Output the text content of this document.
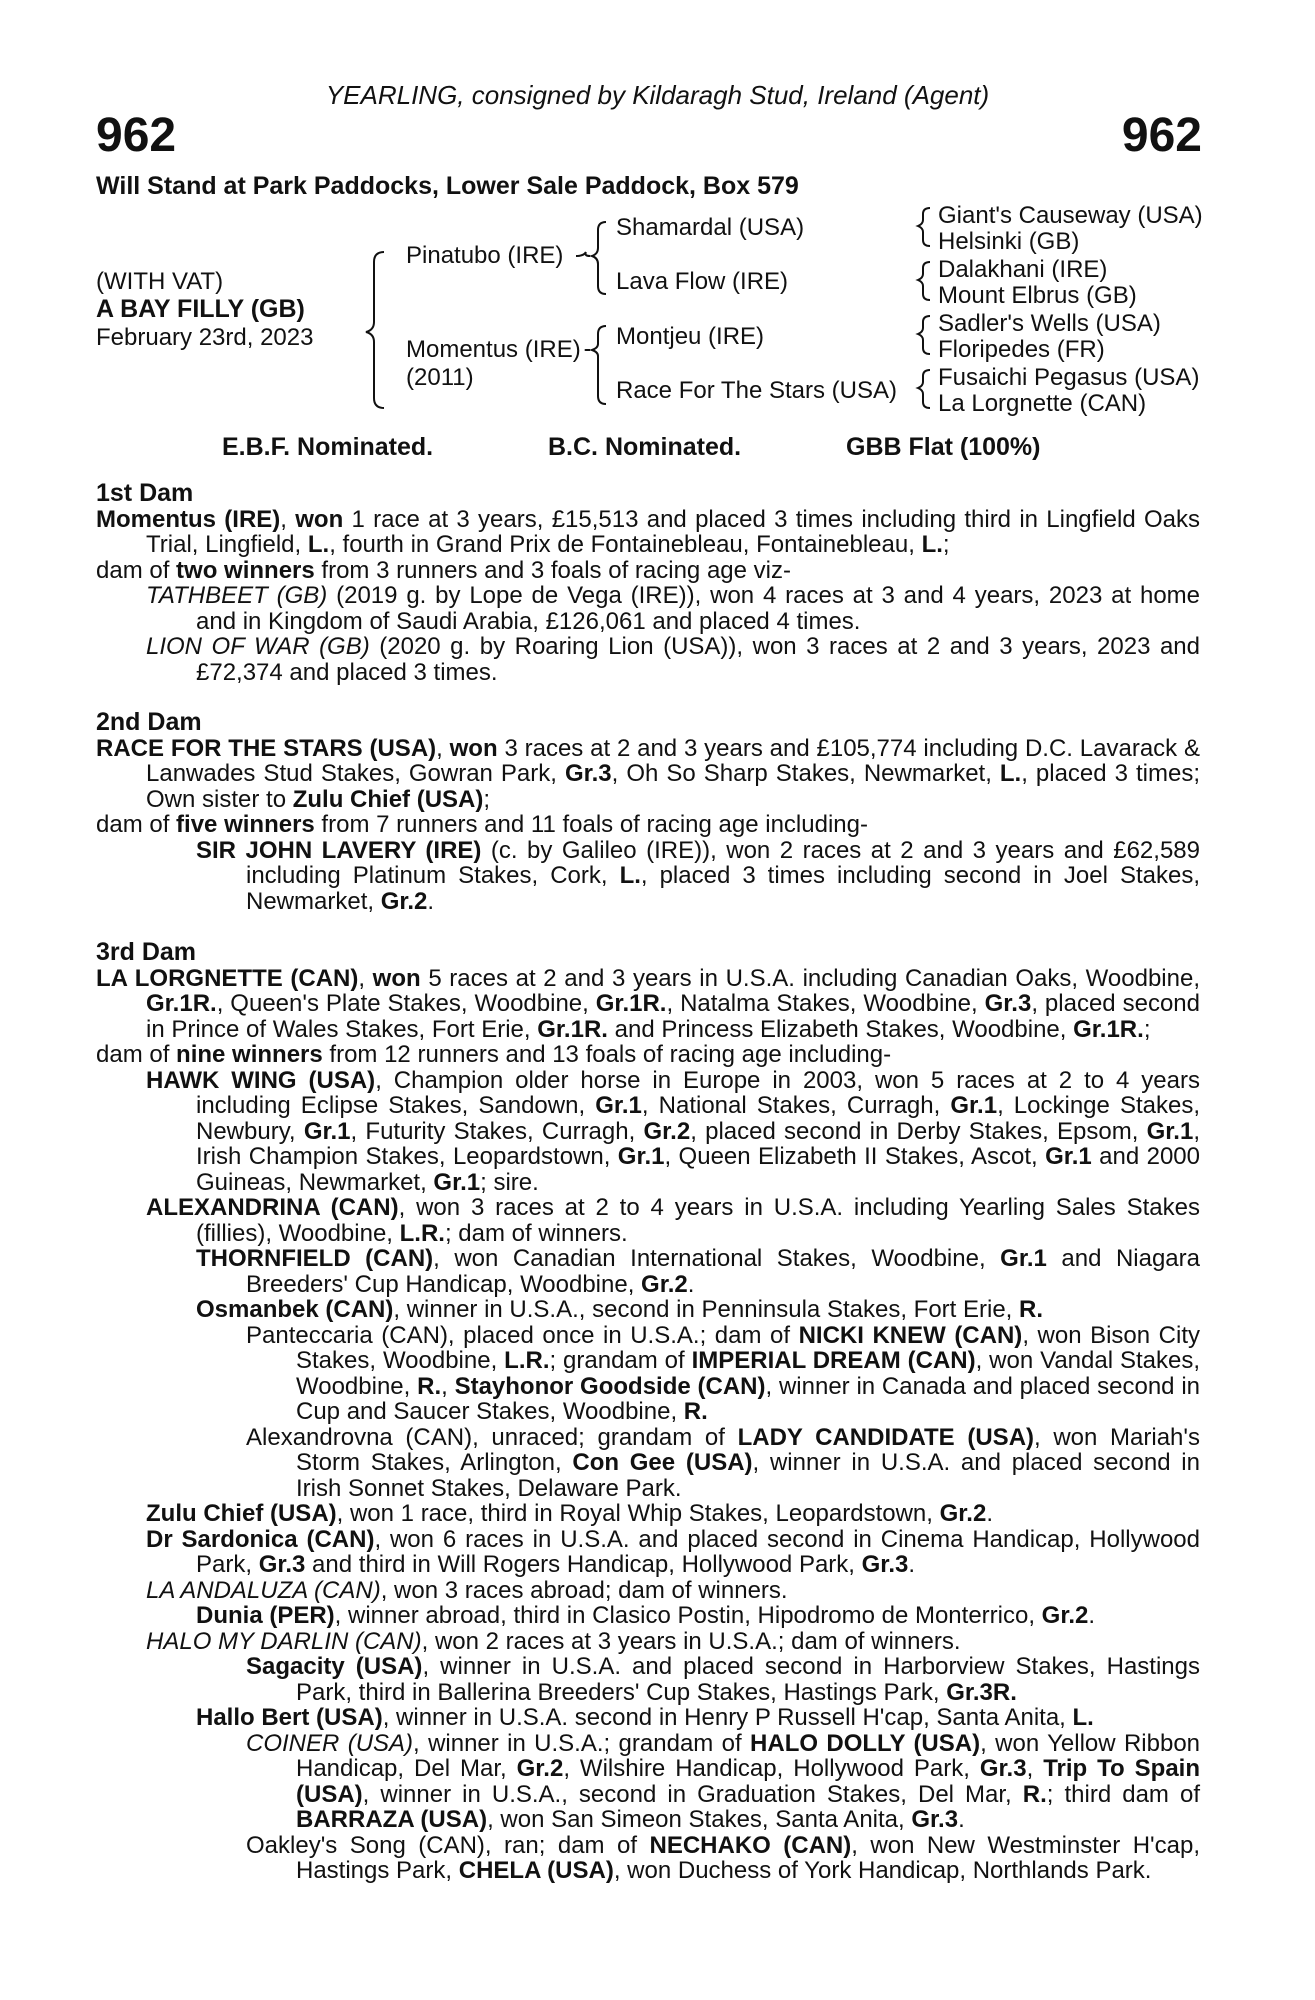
YEARLING, consigned by Kildaragh Stud, Ireland (Agent)
962	962
Will Stand at Park Paddocks, Lower Sale Paddock, Box 579
(WITH VAT)
A BAY FILLY (GB)
February 23rd, 2023
Pinatubo (IRE)
Momentus (IRE)
(2011)
Shamardal (USA)
Lava Flow (IRE)
Montjeu (IRE)
Race For The Stars (USA)
Giant's Causeway (USA)
Helsinki (GB)
Dalakhani (IRE)
Mount Elbrus (GB)
Sadler's Wells (USA)
Floripedes (FR)
Fusaichi Pegasus (USA)
La Lorgnette (CAN)
E.B.F. Nominated.	B.C. Nominated.	GBB Flat (100%)
1st Dam
Momentus (IRE), won 1 race at 3 years, £15,513 and placed 3 times including third in Lingfield Oaks Trial, Lingfield, L., fourth in Grand Prix de Fontainebleau, Fontainebleau, L.;
dam of two winners from 3 runners and 3 foals of racing age viz-
TATHBEET (GB) (2019 g. by Lope de Vega (IRE)), won 4 races at 3 and 4 years, 2023 at home and in Kingdom of Saudi Arabia, £126,061 and placed 4 times.
LION OF WAR (GB) (2020 g. by Roaring Lion (USA)), won 3 races at 2 and 3 years, 2023 and £72,374 and placed 3 times.
2nd Dam
RACE FOR THE STARS (USA), won 3 races at 2 and 3 years and £105,774 including D.C. Lavarack & Lanwades Stud Stakes, Gowran Park, Gr.3, Oh So Sharp Stakes, Newmarket, L., placed 3 times; Own sister to Zulu Chief (USA);
dam of five winners from 7 runners and 11 foals of racing age including-
SIR JOHN LAVERY (IRE) (c. by Galileo (IRE)), won 2 races at 2 and 3 years and £62,589 including Platinum Stakes, Cork, L., placed 3 times including second in Joel Stakes, Newmarket, Gr.2.
3rd Dam
LA LORGNETTE (CAN), won 5 races at 2 and 3 years in U.S.A. including Canadian Oaks, Woodbine, Gr.1R., Queen's Plate Stakes, Woodbine, Gr.1R., Natalma Stakes, Woodbine, Gr.3, placed second in Prince of Wales Stakes, Fort Erie, Gr.1R. and Princess Elizabeth Stakes, Woodbine, Gr.1R.;
dam of nine winners from 12 runners and 13 foals of racing age including-
HAWK WING (USA), Champion older horse in Europe in 2003, won 5 races at 2 to 4 years including Eclipse Stakes, Sandown, Gr.1, National Stakes, Curragh, Gr.1, Lockinge Stakes, Newbury, Gr.1, Futurity Stakes, Curragh, Gr.2, placed second in Derby Stakes, Epsom, Gr.1, Irish Champion Stakes, Leopardstown, Gr.1, Queen Elizabeth II Stakes, Ascot, Gr.1 and 2000 Guineas, Newmarket, Gr.1; sire.
ALEXANDRINA (CAN), won 3 races at 2 to 4 years in U.S.A. including Yearling Sales Stakes (fillies), Woodbine, L.R.; dam of winners.
THORNFIELD (CAN), won Canadian International Stakes, Woodbine, Gr.1 and Niagara Breeders' Cup Handicap, Woodbine, Gr.2.
Osmanbek (CAN), winner in U.S.A., second in Penninsula Stakes, Fort Erie, R.
Panteccaria (CAN), placed once in U.S.A.; dam of NICKI KNEW (CAN), won Bison City Stakes, Woodbine, L.R.; grandam of IMPERIAL DREAM (CAN), won Vandal Stakes, Woodbine, R., Stayhonor Goodside (CAN), winner in Canada and placed second in Cup and Saucer Stakes, Woodbine, R.
Alexandrovna (CAN), unraced; grandam of LADY CANDIDATE (USA), won Mariah's Storm Stakes, Arlington, Con Gee (USA), winner in U.S.A. and placed second in Irish Sonnet Stakes, Delaware Park.
Zulu Chief (USA), won 1 race, third in Royal Whip Stakes, Leopardstown, Gr.2.
Dr Sardonica (CAN), won 6 races in U.S.A. and placed second in Cinema Handicap, Hollywood Park, Gr.3 and third in Will Rogers Handicap, Hollywood Park, Gr.3.
LA ANDALUZA (CAN), won 3 races abroad; dam of winners.
Dunia (PER), winner abroad, third in Clasico Postin, Hipodromo de Monterrico, Gr.2.
HALO MY DARLIN (CAN), won 2 races at 3 years in U.S.A.; dam of winners.
Sagacity (USA), winner in U.S.A. and placed second in Harborview Stakes, Hastings Park, third in Ballerina Breeders' Cup Stakes, Hastings Park, Gr.3R.
Hallo Bert (USA), winner in U.S.A. second in Henry P Russell H'cap, Santa Anita, L.
COINER (USA), winner in U.S.A.; grandam of HALO DOLLY (USA), won Yellow Ribbon Handicap, Del Mar, Gr.2, Wilshire Handicap, Hollywood Park, Gr.3, Trip To Spain (USA), winner in U.S.A., second in Graduation Stakes, Del Mar, R.; third dam of BARRAZA (USA), won San Simeon Stakes, Santa Anita, Gr.3.
Oakley's Song (CAN), ran; dam of NECHAKO (CAN), won New Westminster H'cap, Hastings Park, CHELA (USA), won Duchess of York Handicap, Northlands Park.
